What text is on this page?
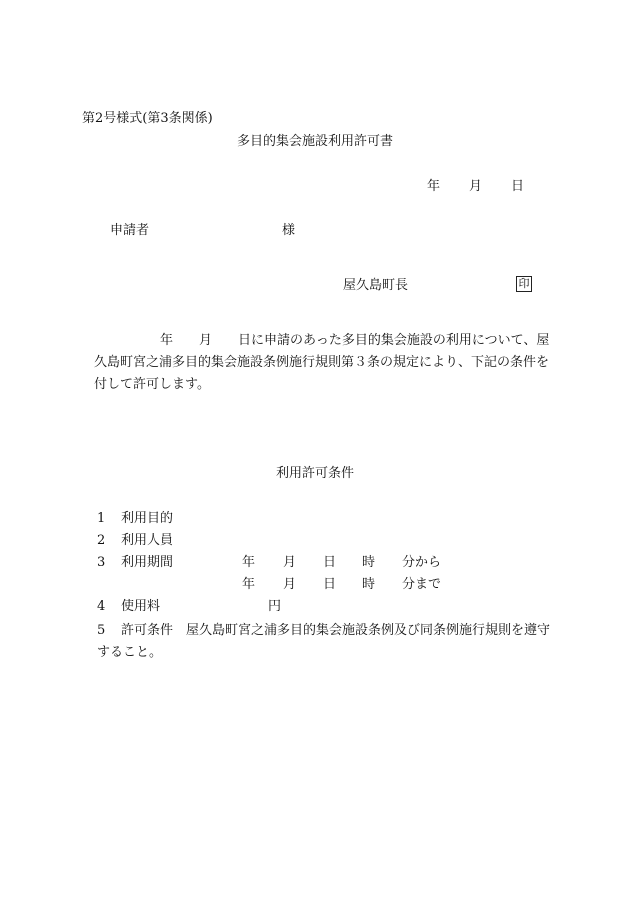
第2号様式(第3条関係)
多目的集会施設利用許可書
年 月 日
申請者	様
屋久島町長	印
年　　月　　日に申請のあった多目的集会施設の利用について、屋久島町宮之浦多目的集会施設条例施行規則第３条の規定により、下記の条件を付して許可します。
利用許可条件
1 利用目的
2 利用人員
3 利用期間	年 月 日 時 分から
年 月 日 時 分まで
4 使用料	円
5 許可条件　 屋久島町宮之浦多目的集会施設条例及び同条例施行規則を遵守すること。
